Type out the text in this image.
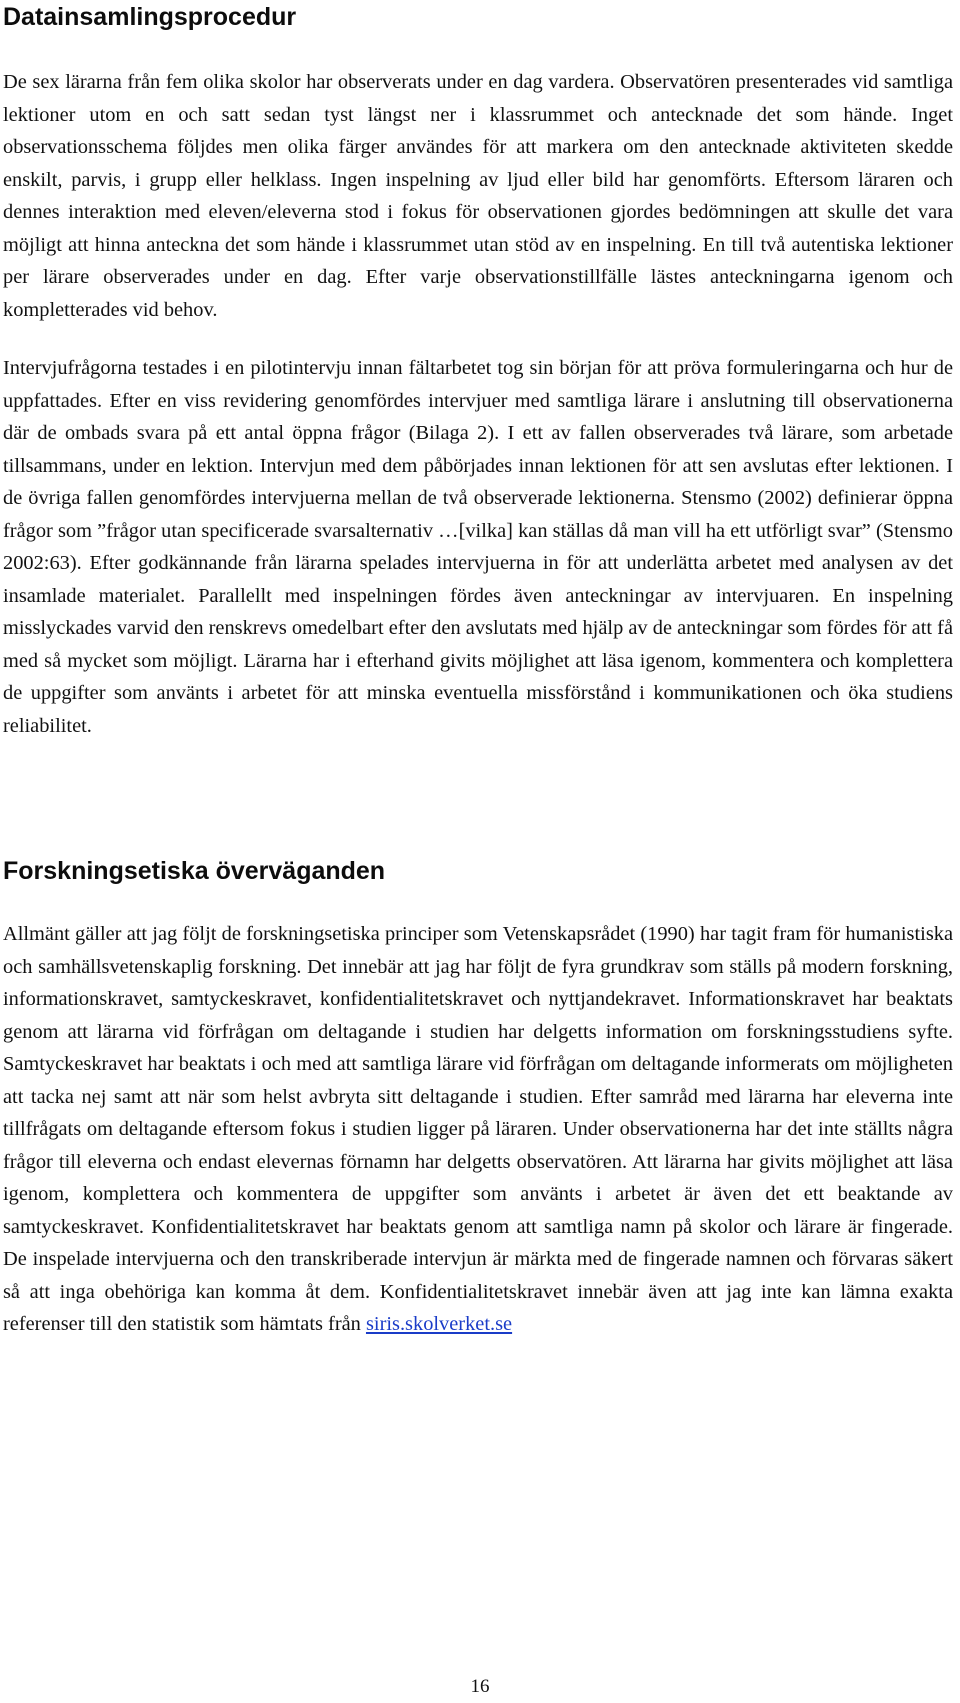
Datainsamlingsprocedur

De sex lärarna från fem olika skolor har observerats under en dag vardera. Observatören presenterades vid samtliga lektioner utom en och satt sedan tyst längst ner i klassrummet och antecknade det som hände. Inget observationsschema följdes men olika färger användes för att markera om den antecknade aktiviteten skedde enskilt, parvis, i grupp eller helklass. Ingen inspelning av ljud eller bild har genomförts. Eftersom läraren och dennes interaktion med eleven/eleverna stod i fokus för observationen gjordes bedömningen att skulle det vara möjligt att hinna anteckna det som hände i klassrummet utan stöd av en inspelning. En till två autentiska lektioner per lärare observerades under en dag. Efter varje observationstillfälle lästes anteckningarna igenom och kompletterades vid behov.

Intervjufrågorna testades i en pilotintervju innan fältarbetet tog sin början för att pröva formuleringarna och hur de uppfattades. Efter en viss revidering genomfördes intervjuer med samtliga lärare i anslutning till observationerna där de ombads svara på ett antal öppna frågor (Bilaga 2). I ett av fallen observerades två lärare, som arbetade tillsammans, under en lektion. Intervjun med dem påbörjades innan lektionen för att sen avslutas efter lektionen. I de övriga fallen genomfördes intervjuerna mellan de två observerade lektionerna. Stensmo (2002) definierar öppna frågor som ”frågor utan specificerade svarsalternativ …[vilka] kan ställas då man vill ha ett utförligt svar” (Stensmo 2002:63). Efter godkännande från lärarna spelades intervjuerna in för att underlätta arbetet med analysen av det insamlade materialet. Parallellt med inspelningen fördes även anteckningar av intervjuaren. En inspelning misslyckades varvid den renskrevs omedelbart efter den avslutats med hjälp av de anteckningar som fördes för att få med så mycket som möjligt. Lärarna har i efterhand givits möjlighet att läsa igenom, kommentera och komplettera de uppgifter som använts i arbetet för att minska eventuella missförstånd i kommunikationen och öka studiens reliabilitet.

Forskningsetiska överväganden

Allmänt gäller att jag följt de forskningsetiska principer som Vetenskapsrådet (1990) har tagit fram för humanistiska och samhällsvetenskaplig forskning. Det innebär att jag har följt de fyra grundkrav som ställs på modern forskning, informationskravet, samtyckeskravet, konfidentialitetskravet och nyttjandekravet. Informationskravet har beaktats genom att lärarna vid förfrågan om deltagande i studien har delgetts information om forskningsstudiens syfte. Samtyckeskravet har beaktats i och med att samtliga lärare vid förfrågan om deltagande informerats om möjligheten att tacka nej samt att när som helst avbryta sitt deltagande i studien. Efter samråd med lärarna har eleverna inte tillfrågats om deltagande eftersom fokus i studien ligger på läraren. Under observationerna har det inte ställts några frågor till eleverna och endast elevernas förnamn har delgetts observatören. Att lärarna har givits möjlighet att läsa igenom, komplettera och kommentera de uppgifter som använts i arbetet är även det ett beaktande av samtyckeskravet. Konfidentialitetskravet har beaktats genom att samtliga namn på skolor och lärare är fingerade. De inspelade intervjuerna och den transkriberade intervjun är märkta med de fingerade namnen och förvaras säkert så att inga obehöriga kan komma åt dem. Konfidentialitetskravet innebär även att jag inte kan lämna exakta referenser till den statistik som hämtats från siris.skolverket.se

16
